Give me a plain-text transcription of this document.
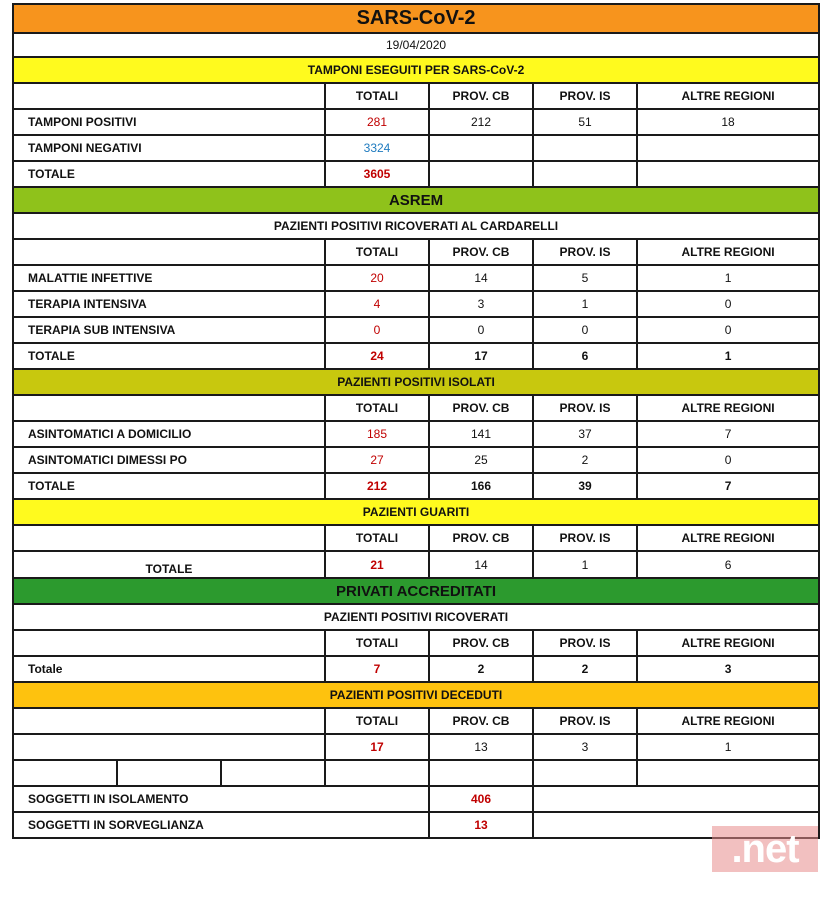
SARS-CoV-2						
19/04/2020						
TAMPONI ESEGUITI PER SARS-CoV-2						
			TOTALI	PROV. CB	PROV. IS	ALTRE REGIONI
TAMPONI POSITIVI			281	212	51	18
TAMPONI NEGATIVI			3324			
TOTALE			3605			
ASREM						
PAZIENTI POSITIVI RICOVERATI AL CARDARELLI						
			TOTALI	PROV. CB	PROV. IS	ALTRE REGIONI
MALATTIE INFETTIVE			20	14	5	1
TERAPIA INTENSIVA			4	3	1	0
TERAPIA SUB INTENSIVA			0	0	0	0
TOTALE			24	17	6	1
PAZIENTI POSITIVI ISOLATI						
			TOTALI	PROV. CB	PROV. IS	ALTRE REGIONI
ASINTOMATICI A DOMICILIO			185	141	37	7
ASINTOMATICI DIMESSI PO			27	25	2	0
TOTALE			212	166	39	7
PAZIENTI GUARITI						
			TOTALI	PROV. CB	PROV. IS	ALTRE REGIONI
TOTALE			21	14	1	6
PRIVATI ACCREDITATI						
PAZIENTI POSITIVI RICOVERATI						
			TOTALI	PROV. CB	PROV. IS	ALTRE REGIONI
Totale			7	2	2	3
PAZIENTI POSITIVI DECEDUTI						
			TOTALI	PROV. CB	PROV. IS	ALTRE REGIONI
			17	13	3	1

SOGGETTI IN ISOLAMENTO				406		
SOGGETTI IN SORVEGLIANZA				13		
.net
